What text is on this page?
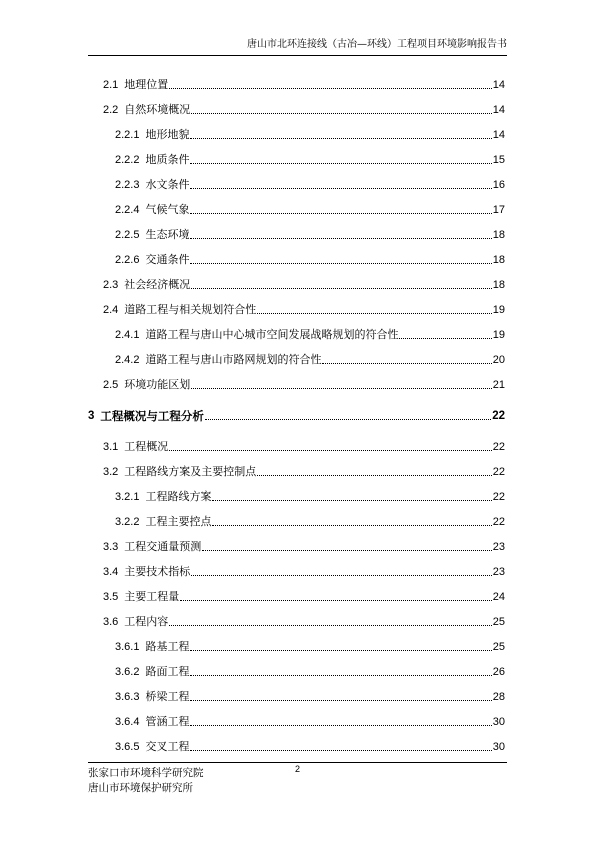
唐山市北环连接线（古冶—环线）工程项目环境影响报告书
2.1 地理位置	14
2.2 自然环境概况	14
2.2.1 地形地貌	14
2.2.2 地质条件	15
2.2.3 水文条件	16
2.2.4 气候气象	17
2.2.5 生态环境	18
2.2.6 交通条件	18
2.3 社会经济概况	18
2.4 道路工程与相关规划符合性	19
2.4.1 道路工程与唐山中心城市空间发展战略规划的符合性	19
2.4.2 道路工程与唐山市路网规划的符合性	20
2.5 环境功能区划	21
3 工程概况与工程分析	22
3.1 工程概况	22
3.2 工程路线方案及主要控制点	22
3.2.1 工程路线方案	22
3.2.2 工程主要控点	22
3.3 工程交通量预测	23
3.4 主要技术指标	23
3.5 主要工程量	24
3.6 工程内容	25
3.6.1 路基工程	25
3.6.2 路面工程	26
3.6.3 桥梁工程	28
3.6.4 管涵工程	30
3.6.5 交叉工程	30
2
张家口市环境科学研究院
唐山市环境保护研究所
